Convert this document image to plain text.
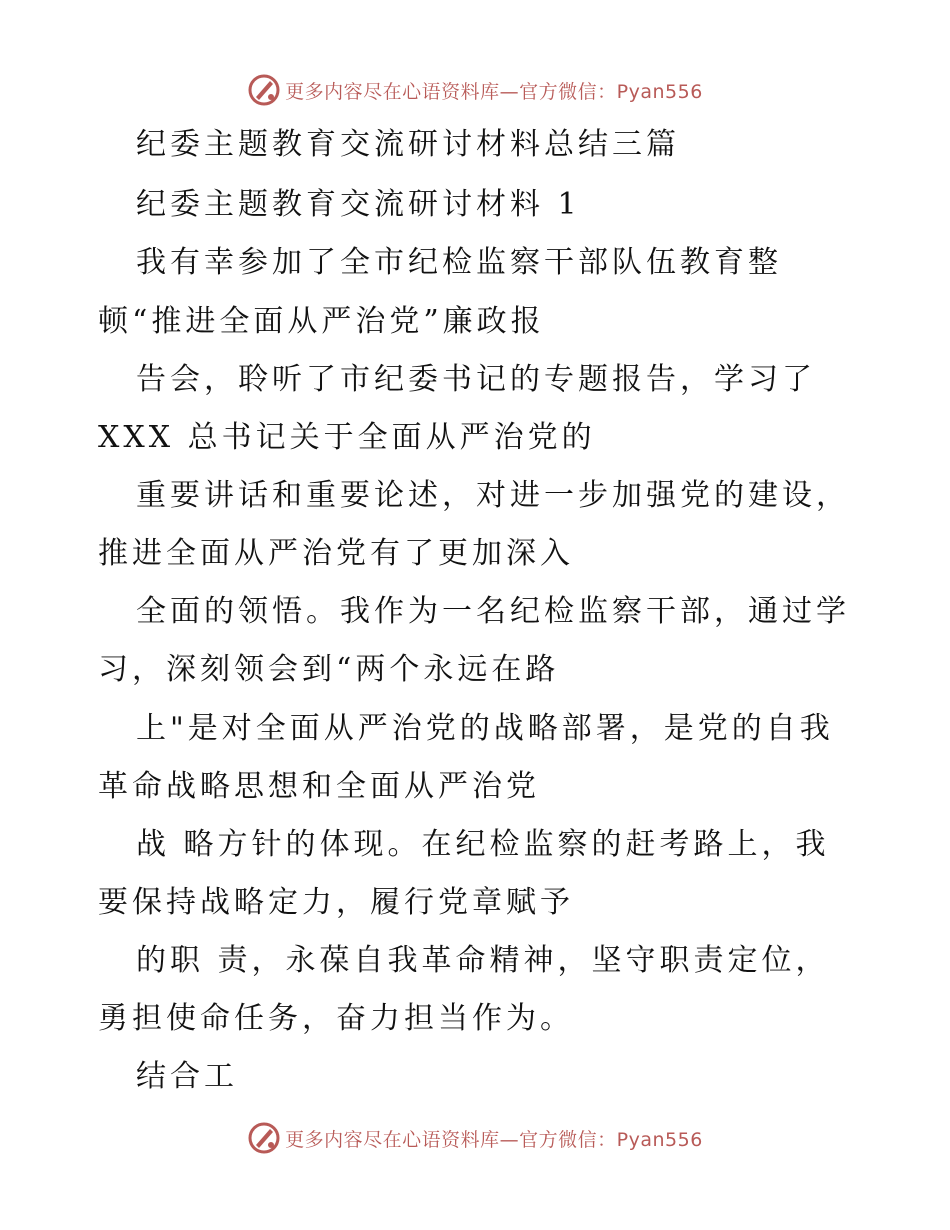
更多内容尽在心语资料库—官方微信：Pyan556
纪委主题教育交流研讨材料总结三篇
纪委主题教育交流研讨材料 1
我有幸参加了全市纪检监察干部队伍教育整
顿“推进全面从严治党”廉政报
告会，聆听了市纪委书记的专题报告，学习了
XXX 总书记关于全面从严治党的
重要讲话和重要论述，对进一步加强党的建设，
推进全面从严治党有了更加深入
全面的领悟。我作为一名纪检监察干部，通过学
习，深刻领会到“两个永远在路
上"是对全面从严治党的战略部署，是党的自我
革命战略思想和全面从严治党
战 略方针的体现。在纪检监察的赶考路上，我
要保持战略定力，履行党章赋予
的职 责，永葆自我革命精神，坚守职责定位，
勇担使命任务，奋力担当作为。
结合工
更多内容尽在心语资料库—官方微信：Pyan556
